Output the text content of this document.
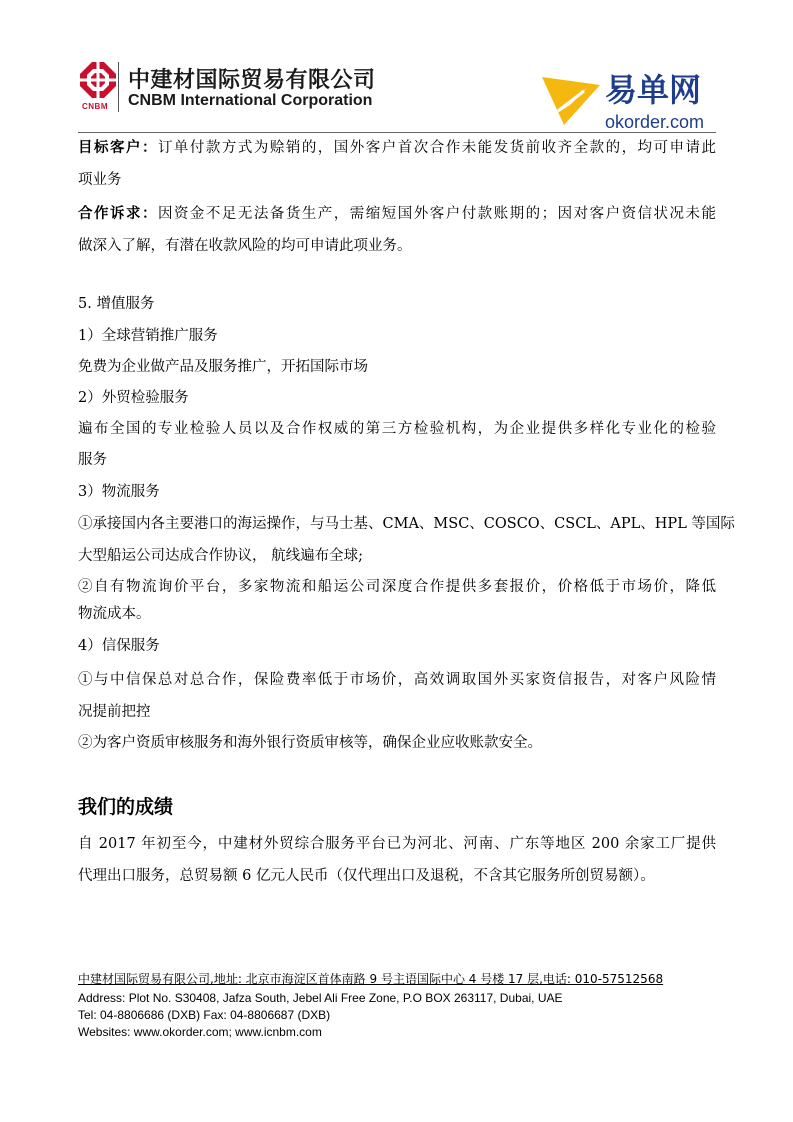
CNBM
中建材国际贸易有限公司
CNBM International Corporation	易单网
okorder.com
目标客户：订单付款方式为赊销的，国外客户首次合作未能发货前收齐全款的，均可申请此
项业务
合作诉求：因资金不足无法备货生产，需缩短国外客户付款账期的；因对客户资信状况未能
做深入了解，有潜在收款风险的均可申请此项业务。
5. 增值服务
1）全球营销推广服务
免费为企业做产品及服务推广，开拓国际市场
2）外贸检验服务
遍布全国的专业检验人员以及合作权威的第三方检验机构，为企业提供多样化专业化的检验
服务
3）物流服务
①承接国内各主要港口的海运操作，与马士基、CMA、MSC、COSCO、CSCL、APL、HPL 等国际
大型船运公司达成合作协议， 航线遍布全球;
②自有物流询价平台，多家物流和船运公司深度合作提供多套报价，价格低于市场价，降低
物流成本。
4）信保服务
①与中信保总对总合作，保险费率低于市场价，高效调取国外买家资信报告，对客户风险情
况提前把控
②为客户资质审核服务和海外银行资质审核等，确保企业应收账款安全。
我们的成绩
自 2017 年初至今，中建材外贸综合服务平台已为河北、河南、广东等地区 200 余家工厂提供
代理出口服务，总贸易额 6 亿元人民币（仅代理出口及退税，不含其它服务所创贸易额）。
中建材国际贸易有限公司,地址: 北京市海淀区首体南路 9 号主语国际中心 4 号楼 17 层,电话: 010-57512568
Address: Plot No. S30408, Jafza South, Jebel Ali Free Zone, P.O BOX 263117, Dubai, UAE
Tel: 04-8806686 (DXB) Fax: 04-8806687 (DXB)
Websites: www.okorder.com; www.icnbm.com
